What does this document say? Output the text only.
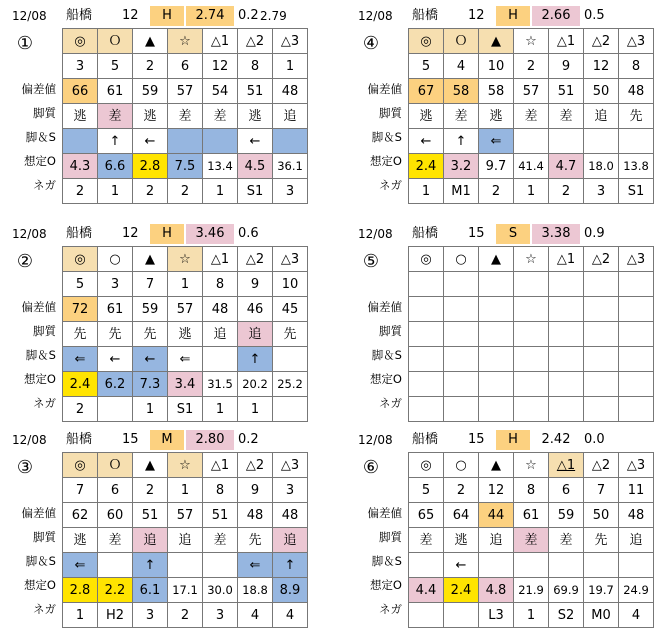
12/08 船橋 12	H	2.74	0.2 2.79
①
偏差値
脚質
脚＆S
想定O
ネガ
◎	Ｏ	▲	☆	△1	△2	△3
3	5	2	6	12	8	1
66	61	59	57	54	51	48
逃	差	逃	差	差	逃	追
	↑	←			←	
4.3	6.6	2.8	7.5	13.4	4.5	36.1
2	1	2	2	1	S1	3
12/08 船橋 12	H	2.66	0.5
④
偏差値
脚質
脚＆S
想定O
ネガ
◎	Ｏ	▲	☆	△1	△2	△3
5	4	10	2	9	12	8
67	58	58	57	51	50	48
逃	差	逃	差	差	追	先
←	↑	⇐				
2.4	3.2	9.7	41.4	4.7	18.0	13.8
1	M1	2	1	2	3	S1
12/08 船橋 12	H	3.46	0.6
②
偏差値
脚質
脚＆S
想定O
ネガ
◎	○	▲	☆	△1	△2	△3
5	3	7	1	8	9	10
72	61	59	57	48	46	45
先	先	先	逃	追	追	先
⇐	←	←	⇐		↑	
2.4	6.2	7.3	3.4	31.5	20.2	25.2
2		1	S1	1	1	
12/08 船橋 15	S	3.38	0.9
⑤
偏差値
脚質
脚＆S
想定O
ネガ
◎	○	▲	☆	△1	△2	△3

12/08 船橋 15	M	2.80	0.2
③
偏差値
脚質
脚＆S
想定O
ネガ
◎	Ｏ	▲	☆	△1	△2	△3
7	6	2	1	8	9	3
62	60	51	57	51	48	48
逃	差	追	追	差	先	追
⇐		↑			⇐	↑
2.8	2.2	6.1	17.1	30.0	18.8	8.9
1	H2	3	2	3	4	4
12/08 船橋 15	H	2.42	0.0
⑥
偏差値
脚質
脚＆S
想定O
ネガ
◎	○	▲	☆	△1	△2	△3
5	2	12	8	6	7	11
65	64	44	61	59	50	48
差	逃	追	差	差	先	追
	←					
4.4	2.4	4.8	21.9	69.9	19.7	24.9
		L3	1	S2	M0	4
